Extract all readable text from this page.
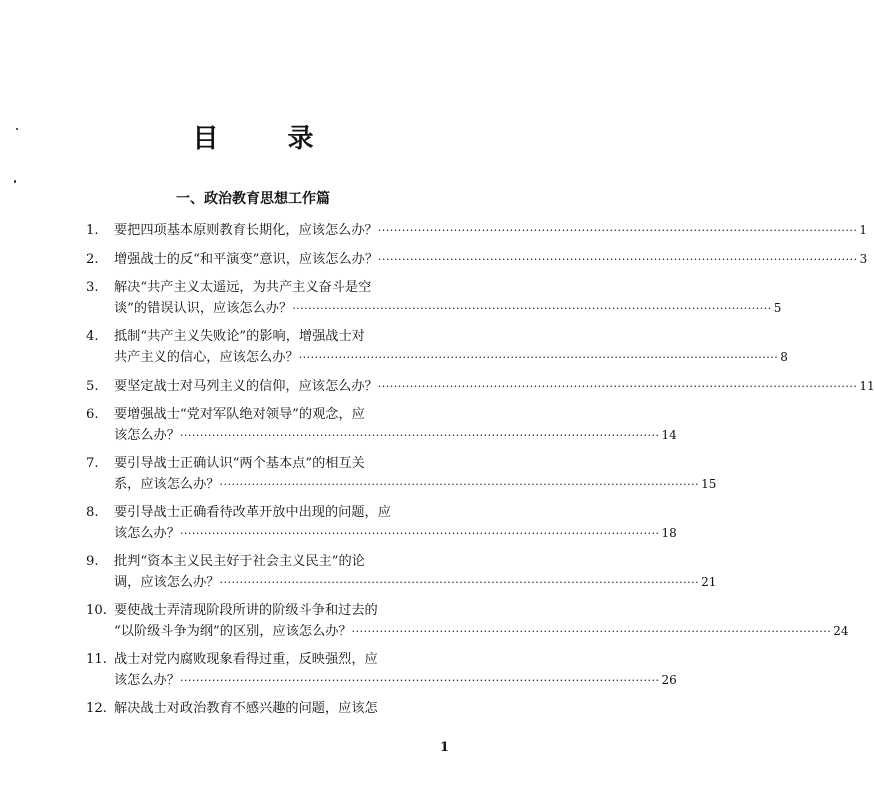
目 录
一、政治教育思想工作篇
1.	要把四项基本原则教育长期化，应该怎么办？ ························································································································ 1
2.	增强战士的反“和平演变”意识，应该怎么办？ ························································································································ 3
3.	解决“共产主义太遥远，为共产主义奋斗是空
谈”的错误认识，应该怎么办？ ························································································································ 5
4.	抵制“共产主义失败论”的影响，增强战士对
共产主义的信心，应该怎么办？ ························································································································ 8
5.	要坚定战士对马列主义的信仰，应该怎么办？ ························································································································ 11
6.	要增强战士“党对军队绝对领导”的观念，应
该怎么办？ ························································································································ 14
7.	要引导战士正确认识“两个基本点”的相互关
系，应该怎么办？ ························································································································ 15
8.	要引导战士正确看待改革开放中出现的问题，应
该怎么办？ ························································································································ 18
9.	批判“资本主义民主好于社会主义民主”的论
调，应该怎么办？ ························································································································ 21
10. 要使战士弄清现阶段所讲的阶级斗争和过去的
“以阶级斗争为纲”的区别，应该怎么办？ ························································································································ 24
11. 战士对党内腐败现象看得过重，反映强烈，应
该怎么办？ ························································································································ 26
12. 解决战士对政治教育不感兴趣的问题，应该怎
1
